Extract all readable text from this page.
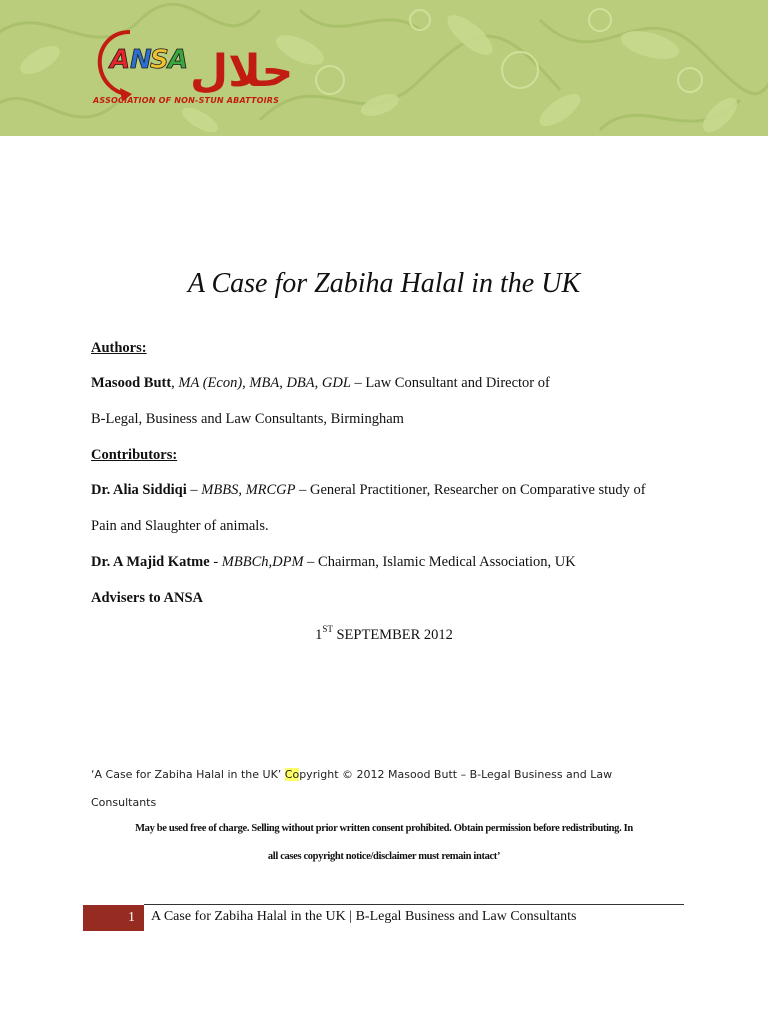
A N
S A حلال
ASSOCIATION OF NON-STUN ABATTOIRS
A Case for Zabiha Halal in the UK
Authors:
Masood Butt, MA (Econ), MBA, DBA, GDL – Law Consultant and Director of
B-Legal, Business and Law Consultants, Birmingham
Contributors:
Dr. Alia Siddiqi – MBBS, MRCGP – General Practitioner, Researcher on Comparative study of
Pain and Slaughter of animals.
Dr. A Majid Katme - MBBCh,DPM – Chairman, Islamic Medical Association, UK
Advisers to ANSA
1ST SEPTEMBER 2012
‘A Case for Zabiha Halal in the UK’ Copyright © 2012 Masood Butt – B-Legal Business and Law
Consultants
May be used free of charge. Selling without prior written consent prohibited. Obtain permission before redistributing. In
all cases copyright notice/disclaimer must remain intact’
1	A Case for Zabiha Halal in the UK | B-Legal Business and Law Consultants
